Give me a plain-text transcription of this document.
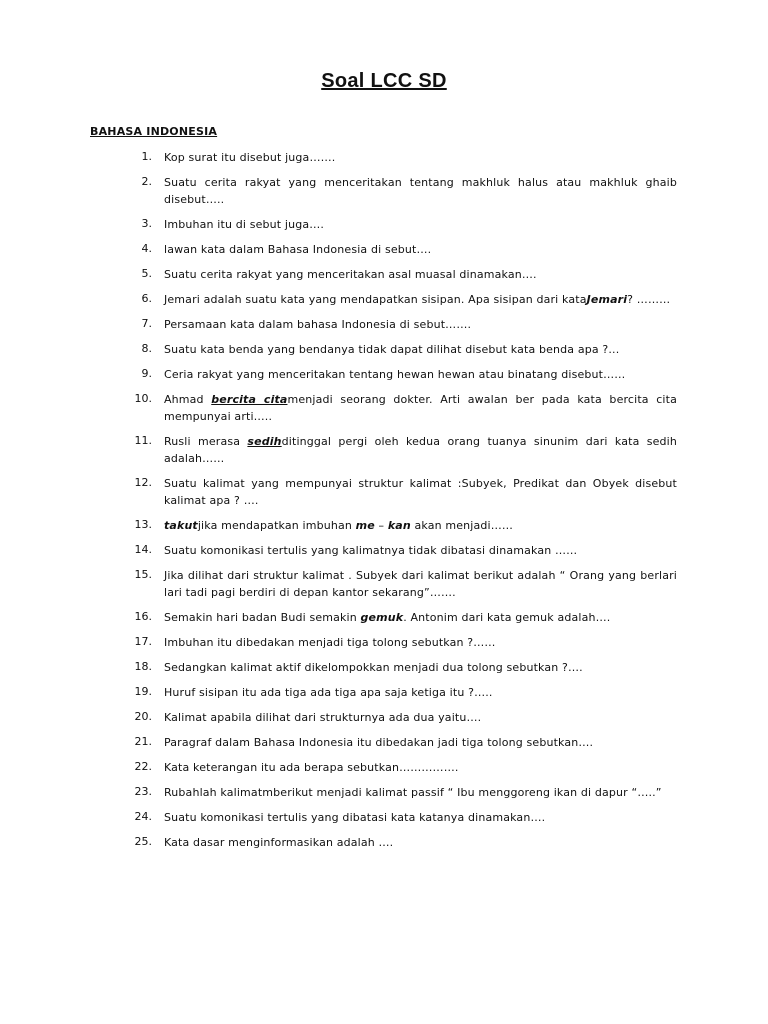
Soal LCC SD
BAHASA INDONESIA
1. Kop surat itu disebut juga…….
2. Suatu cerita rakyat yang menceritakan tentang makhluk halus atau makhluk ghaib disebut…..
3. Imbuhan itu di sebut juga….
4. lawan kata dalam Bahasa Indonesia di sebut….
5. Suatu cerita rakyat yang menceritakan asal muasal dinamakan….
6. Jemari adalah suatu kata yang mendapatkan sisipan. Apa sisipan dari kataJemari? ………
7. Persamaan kata dalam bahasa Indonesia di sebut…….
8. Suatu kata benda yang bendanya tidak dapat dilihat disebut kata benda apa ?...
9. Ceria rakyat yang menceritakan tentang hewan hewan atau binatang disebut……
10. Ahmad bercita citamenjadi seorang dokter. Arti awalan ber pada kata bercita cita mempunyai arti…..
11. Rusli merasa sedihditinggal pergi oleh kedua orang tuanya sinunim dari kata sedih adalah……
12. Suatu kalimat yang mempunyai struktur kalimat :Subyek, Predikat dan Obyek disebut kalimat apa ? ….
13. takutjika mendapatkan imbuhan me – kan akan menjadi……
14. Suatu komonikasi tertulis yang kalimatnya tidak dibatasi dinamakan ……
15. Jika dilihat dari struktur kalimat . Subyek dari kalimat berikut adalah “ Orang yang berlari lari tadi pagi berdiri di depan kantor sekarang”…….
16. Semakin hari badan Budi semakin gemuk. Antonim dari kata gemuk adalah….
17. Imbuhan itu dibedakan menjadi tiga tolong sebutkan ?……
18. Sedangkan kalimat aktif dikelompokkan menjadi dua tolong sebutkan ?….
19. Huruf sisipan itu ada tiga ada tiga apa saja ketiga itu ?…..
20. Kalimat apabila dilihat dari strukturnya ada dua yaitu….
21. Paragraf dalam Bahasa Indonesia itu dibedakan jadi tiga tolong sebutkan….
22. Kata keterangan itu ada berapa sebutkan…………….
23. Rubahlah kalimatmberikut menjadi kalimat passif “ Ibu menggoreng ikan di dapur “…..”
24. Suatu komonikasi tertulis yang dibatasi kata katanya dinamakan….
25. Kata dasar menginformasikan adalah ….
